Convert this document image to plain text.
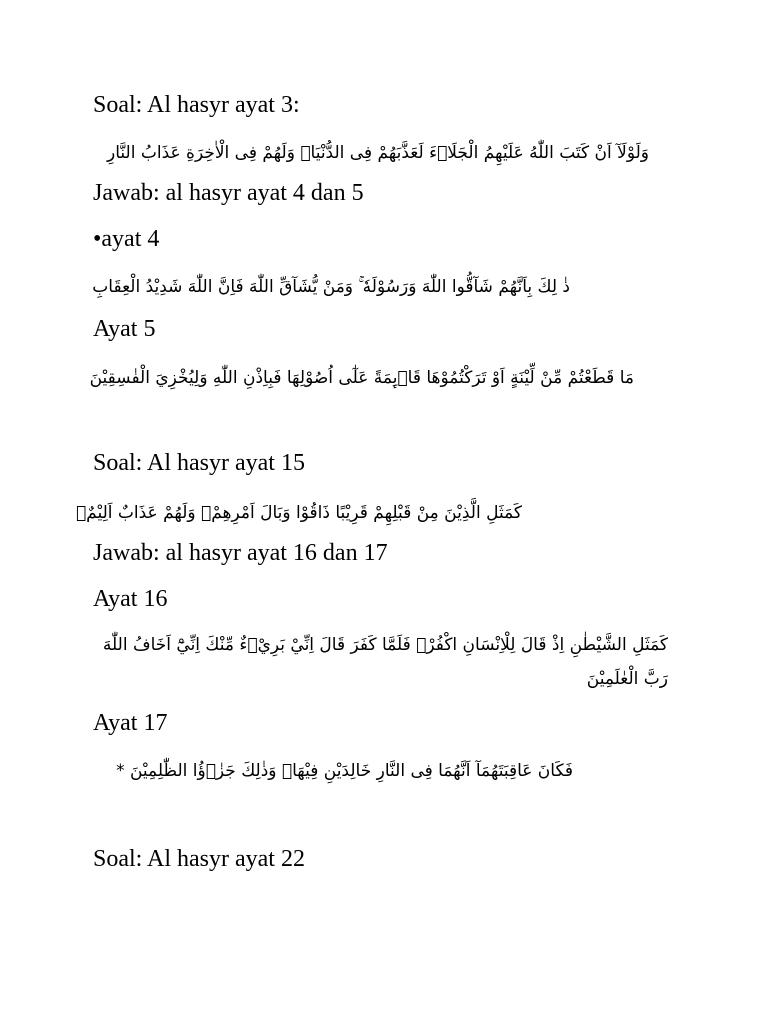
Soal: Al hasyr ayat 3:
وَلَوْلَآ اَنْ كَتَبَ اللّٰهُ عَلَيْهِمُ الْجَلَاۤءَ لَعَذَّبَهُمْ فِى الدُّنْيَاۗ وَلَهُمْ فِى الْاٰخِرَةِ عَذَابُ النَّارِ
Jawab: al hasyr ayat 4 dan 5
•ayat 4
ذٰ لِكَ بِاَنَّهُمْ شَآقُّوا اللّٰهَ وَرَسُوْلَهٗ ۚ وَمَنْ يُّشَآقِّ اللّٰهَ فَاِنَّ اللّٰهَ شَدِيْدُ الْعِقَابِ
Ayat 5
مَا قَطَعْتُمْ مِّنْ لِّيْنَةٍ اَوْ تَرَكْتُمُوْهَا قَاۤىِٕمَةً عَلٰٓى اُصُوْلِهَا فَبِاِذْنِ اللّٰهِ وَلِيُخْزِيَ الْفٰسِقِيْنَ
Soal: Al hasyr ayat 15
كَمَثَلِ الَّذِيْنَ مِنْ قَبْلِهِمْ قَرِيْبًا ذَاقُوْا وَبَالَ اَمْرِهِمْۚ وَلَهُمْ عَذَابٌ اَلِيْمٌۚ
Jawab: al hasyr ayat 16 dan 17
Ayat 16
كَمَثَلِ الشَّيْطٰنِ اِذْ قَالَ لِلْاِنْسَانِ اكْفُرْۚ فَلَمَّا كَفَرَ قَالَ اِنِّيْ بَرِيْۤءٌ مِّنْكَ اِنِّيْٓ اَخَافُ اللّٰهَ رَبَّ الْعٰلَمِيْنَ
Ayat 17
فَكَانَ عَاقِبَتَهُمَآ اَنَّهُمَا فِى النَّارِ خَالِدَيْنِ فِيْهَاۗ وَذٰلِكَ جَزٰۤؤُا الظّٰلِمِيْنَ *
Soal: Al hasyr ayat 22
